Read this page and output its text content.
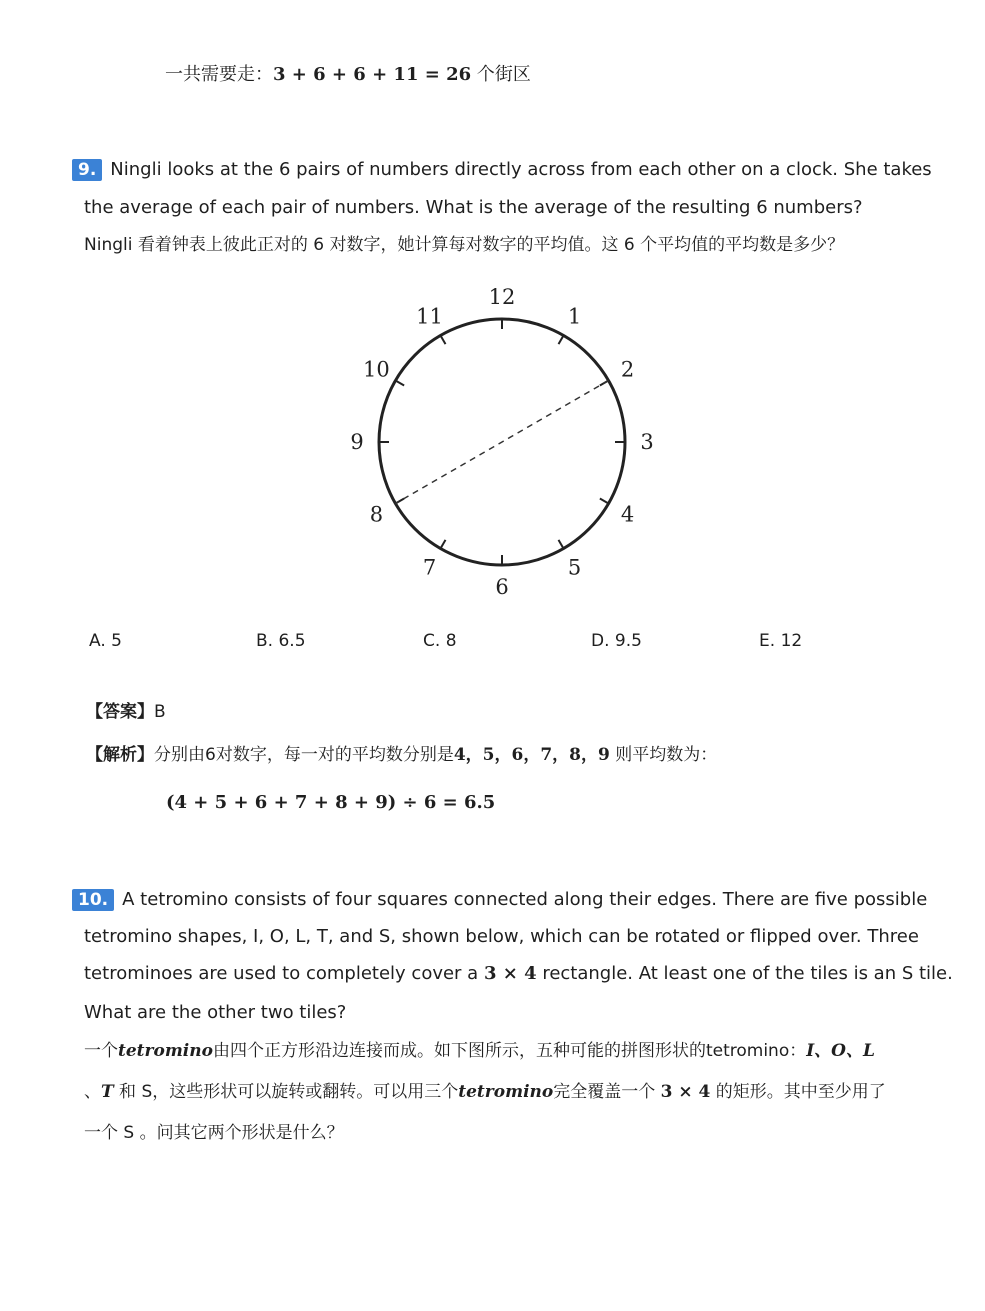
一共需要走：3 + 6 + 6 + 11 = 26 个街区
9. Ningli looks at the 6 pairs of numbers directly across from each other on a clock. She takes
the average of each pair of numbers. What is the average of the resulting 6 numbers?
Ningli 看着钟表上彼此正对的 6 对数字，她计算每对数字的平均值。这 6 个平均值的平均数是多少？
12
1
2
3
4
5
6
7
8
9
10
11
A. 5	B. 6.5	C. 8	D. 9.5	E. 12
【答案】B
【解析】分别由6对数字，每一对的平均数分别是4，5，6，7，8，9 则平均数为：
(4 + 5 + 6 + 7 + 8 + 9) ÷ 6 = 6.5
10. A tetromino consists of four squares connected along their edges. There are five possible
tetromino shapes, I, O, L, T, and S, shown below, which can be rotated or flipped over. Three
tetrominoes are used to completely cover a 3 × 4 rectangle. At least one of the tiles is an S tile.
What are the other two tiles?
一个tetromino由四个正方形沿边连接而成。如下图所示，五种可能的拼图形状的tetromino：I、O、L
、T 和 S，这些形状可以旋转或翻转。可以用三个tetromino完全覆盖一个 3 × 4 的矩形。其中至少用了
一个 S 。问其它两个形状是什么？
